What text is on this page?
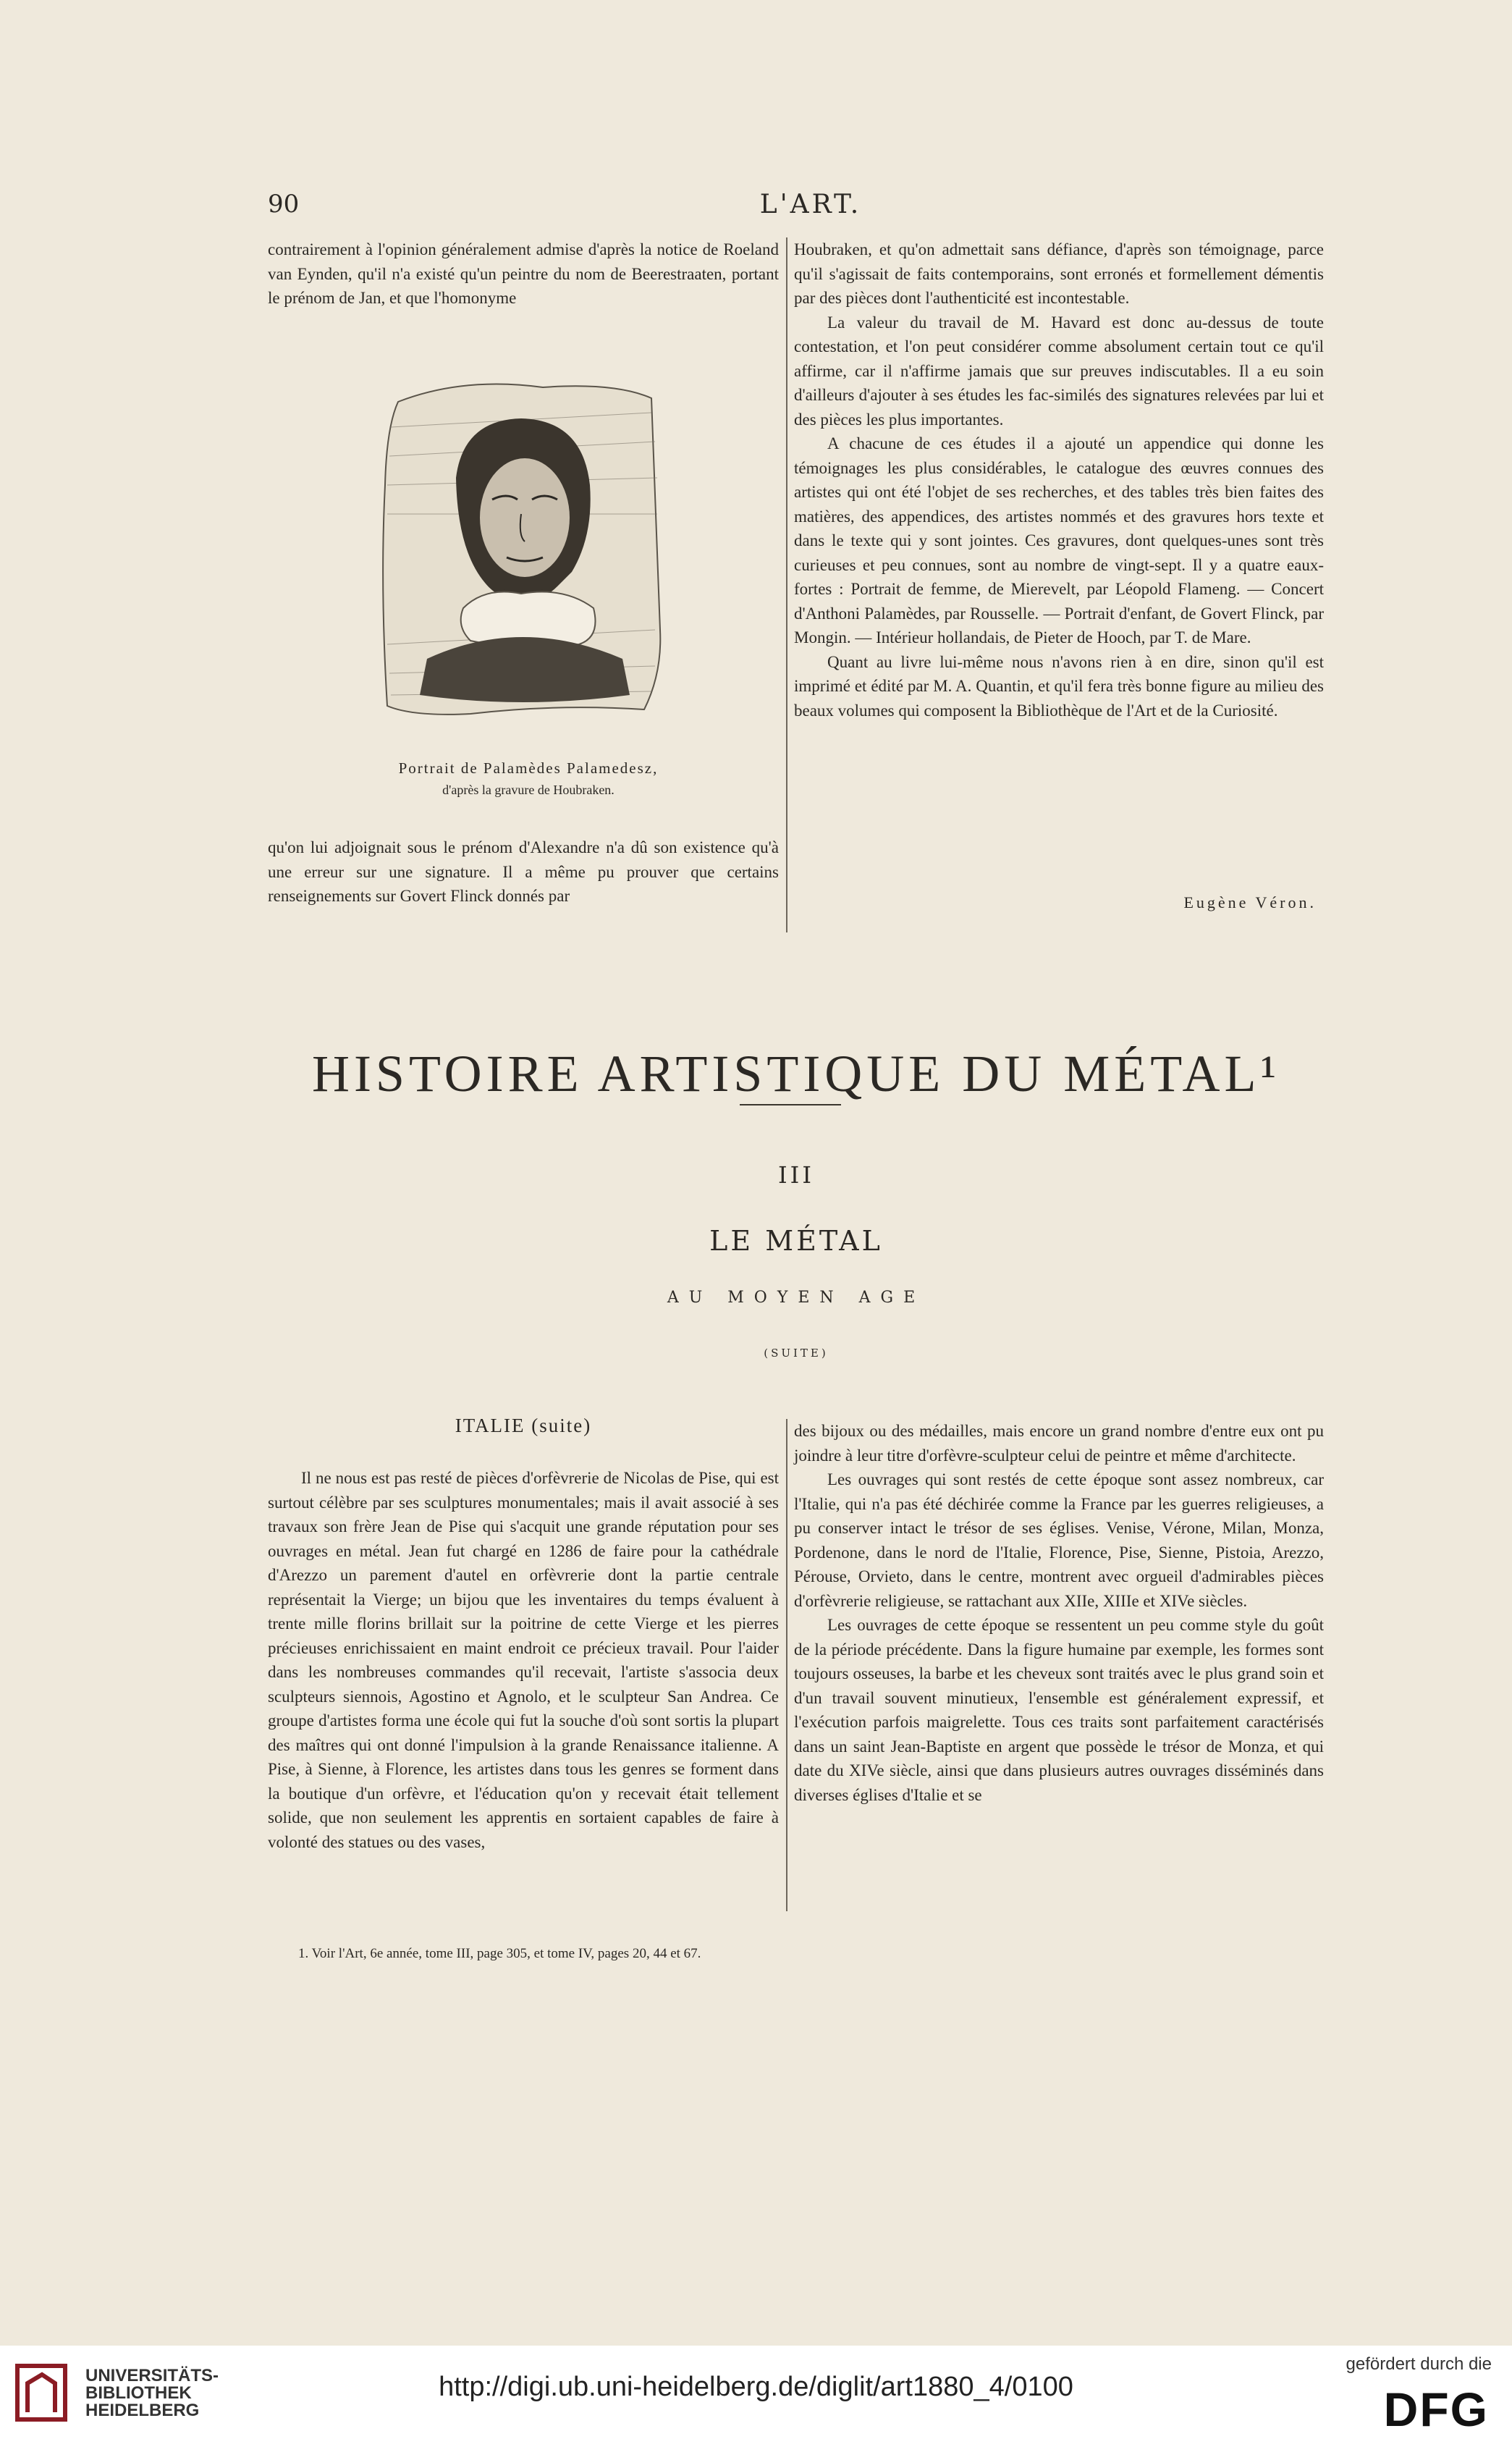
90	L'ART.

contrairement à l'opinion généralement admise d'après la notice de Roeland van Eynden, qu'il n'a existé qu'un peintre du nom de Beerestraaten, portant le prénom de Jan, et que l'homonyme

Portrait de Palamèdes Palamedesz,
d'après la gravure de Houbraken.

qu'on lui adjoignait sous le prénom d'Alexandre n'a dû son existence qu'à une erreur sur une signature. Il a même pu prouver que certains renseignements sur Govert Flinck donnés par

Houbraken, et qu'on admettait sans défiance, d'après son témoignage, parce qu'il s'agissait de faits contemporains, sont erronés et formellement démentis par des pièces dont l'authenticité est incontestable.

La valeur du travail de M. Havard est donc au-dessus de toute contestation, et l'on peut considérer comme absolument certain tout ce qu'il affirme, car il n'affirme jamais que sur preuves indiscutables. Il a eu soin d'ailleurs d'ajouter à ses études les fac-similés des signatures relevées par lui et des pièces les plus importantes.

A chacune de ces études il a ajouté un appendice qui donne les témoignages les plus considérables, le catalogue des œuvres connues des artistes qui ont été l'objet de ses recherches, et des tables très bien faites des matières, des appendices, des artistes nommés et des gravures hors texte et dans le texte qui y sont jointes. Ces gravures, dont quelques-unes sont très curieuses et peu connues, sont au nombre de vingt-sept. Il y a quatre eaux-fortes : Portrait de femme, de Mierevelt, par Léopold Flameng. — Concert d'Anthoni Palamèdes, par Rousselle. — Portrait d'enfant, de Govert Flinck, par Mongin. — Intérieur hollandais, de Pieter de Hooch, par T. de Mare.

Quant au livre lui-même nous n'avons rien à en dire, sinon qu'il est imprimé et édité par M. A. Quantin, et qu'il fera très bonne figure au milieu des beaux volumes qui composent la Bibliothèque de l'Art et de la Curiosité.

Eugène Véron.
HISTOIRE ARTISTIQUE DU MÉTAL¹
III
LE MÉTAL
AU MOYEN AGE
(SUITE)
ITALIE (suite)

Il ne nous est pas resté de pièces d'orfèvrerie de Nicolas de Pise, qui est surtout célèbre par ses sculptures monumentales; mais il avait associé à ses travaux son frère Jean de Pise qui s'acquit une grande réputation pour ses ouvrages en métal. Jean fut chargé en 1286 de faire pour la cathédrale d'Arezzo un parement d'autel en orfèvrerie dont la partie centrale représentait la Vierge; un bijou que les inventaires du temps évaluent à trente mille florins brillait sur la poitrine de cette Vierge et les pierres précieuses enrichissaient en maint endroit ce précieux travail. Pour l'aider dans les nombreuses commandes qu'il recevait, l'artiste s'associa deux sculpteurs siennois, Agostino et Agnolo, et le sculpteur San Andrea. Ce groupe d'artistes forma une école qui fut la souche d'où sont sortis la plupart des maîtres qui ont donné l'impulsion à la grande Renaissance italienne. A Pise, à Sienne, à Florence, les artistes dans tous les genres se forment dans la boutique d'un orfèvre, et l'éducation qu'on y recevait était tellement solide, que non seulement les apprentis en sortaient capables de faire à volonté des statues ou des vases,

des bijoux ou des médailles, mais encore un grand nombre d'entre eux ont pu joindre à leur titre d'orfèvre-sculpteur celui de peintre et même d'architecte.

Les ouvrages qui sont restés de cette époque sont assez nombreux, car l'Italie, qui n'a pas été déchirée comme la France par les guerres religieuses, a pu conserver intact le trésor de ses églises. Venise, Vérone, Milan, Monza, Pordenone, dans le nord de l'Italie, Florence, Pise, Sienne, Pistoia, Arezzo, Pérouse, Orvieto, dans le centre, montrent avec orgueil d'admirables pièces d'orfèvrerie religieuse, se rattachant aux XIIe, XIIIe et XIVe siècles.

Les ouvrages de cette époque se ressentent un peu comme style du goût de la période précédente. Dans la figure humaine par exemple, les formes sont toujours osseuses, la barbe et les cheveux sont traités avec le plus grand soin et d'un travail souvent minutieux, l'ensemble est généralement expressif, et l'exécution parfois maigrelette. Tous ces traits sont parfaitement caractérisés dans un saint Jean-Baptiste en argent que possède le trésor de Monza, et qui date du XIVe siècle, ainsi que dans plusieurs autres ouvrages disséminés dans diverses églises d'Italie et se

1. Voir l'Art, 6e année, tome III, page 305, et tome IV, pages 20, 44 et 67.
UNIVERSITÄTS-
BIBLIOTHEK
HEIDELBERG
http://digi.ub.uni-heidelberg.de/diglit/art1880_4/0100
gefördert durch die
DFG
